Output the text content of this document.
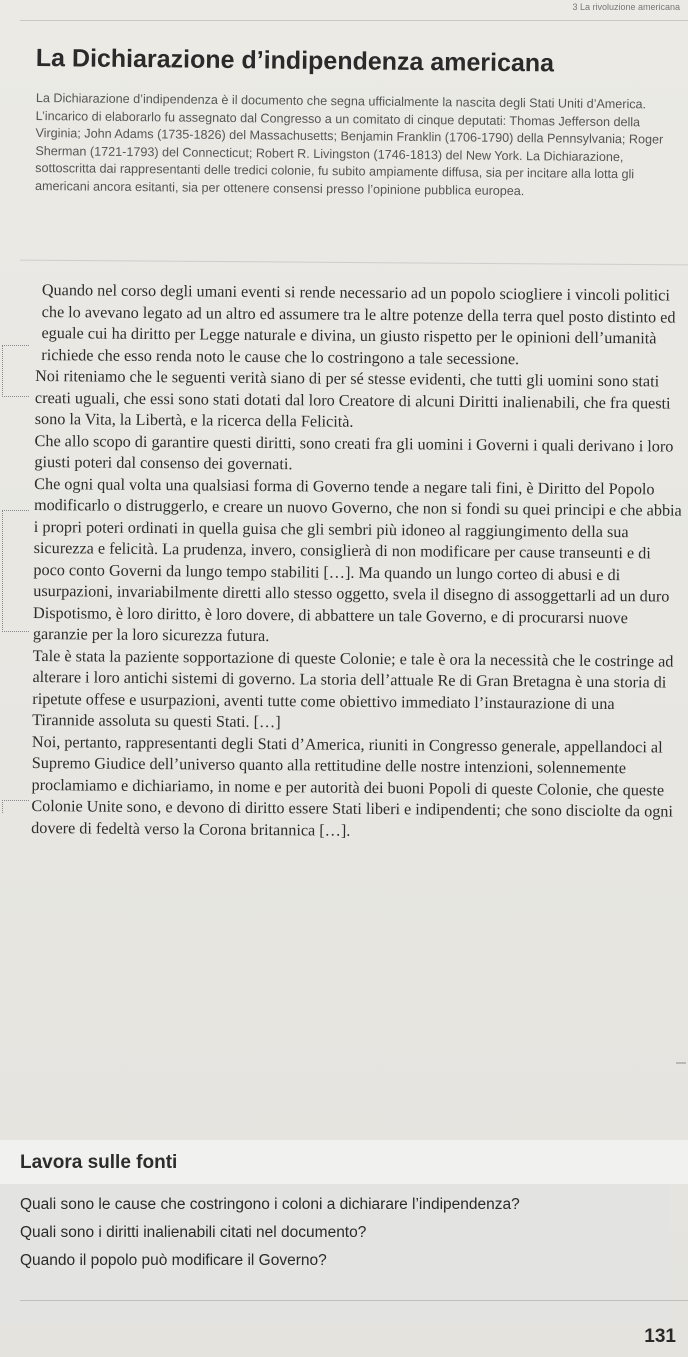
3 La rivoluzione americana
La Dichiarazione d’indipendenza americana

La Dichiarazione d’indipendenza è il documento che segna ufficialmente la nascita degli Stati Uniti d’America. L’incarico di elaborarlo fu assegnato dal Congresso a un comitato di cinque deputati: Thomas Jefferson della Virginia; John Adams (1735-1826) del Massachusetts; Benjamin Franklin (1706-1790) della Pennsylvania; Roger Sherman (1721-1793) del Connecticut; Robert R. Livingston (1746-1813) del New York. La Dichiarazione, sottoscritta dai rappresentanti delle tredici colonie, fu subito ampiamente diffusa, sia per incitare alla lotta gli americani ancora esitanti, sia per ottenere consensi presso l’opinione pubblica europea.

Quando nel corso degli umani eventi si rende necessario ad un popolo sciogliere i vincoli politici che lo avevano legato ad un altro ed assumere tra le altre potenze della terra quel posto distinto ed eguale cui ha diritto per Legge naturale e divina, un giusto rispetto per le opinioni dell’umanità richiede che esso renda noto le cause che lo costringono a tale secessione.

Noi riteniamo che le seguenti verità siano di per sé stesse evidenti, che tutti gli uomini sono stati creati uguali, che essi sono stati dotati dal loro Creatore di alcuni Diritti inalienabili, che fra questi sono la Vita, la Libertà, e la ricerca della Felicità.

Che allo scopo di garantire questi diritti, sono creati fra gli uomini i Governi i quali derivano i loro giusti poteri dal consenso dei governati.

Che ogni qual volta una qualsiasi forma di Governo tende a negare tali fini, è Diritto del Popolo modificarlo o distruggerlo, e creare un nuovo Governo, che non si fondi su quei principi e che abbia i propri poteri ordinati in quella guisa che gli sembri più idoneo al raggiungimento della sua sicurezza e felicità. La prudenza, invero, consiglierà di non modificare per cause transeunti e di poco conto Governi da lungo tempo stabiliti […]. Ma quando un lungo corteo di abusi e di usurpazioni, invariabilmente diretti allo stesso oggetto, svela il disegno di assoggettarli ad un duro Dispotismo, è loro diritto, è loro dovere, di abbattere un tale Governo, e di procurarsi nuove garanzie per la loro sicurezza futura.

Tale è stata la paziente sopportazione di queste Colonie; e tale è ora la necessità che le costringe ad alterare i loro antichi sistemi di governo. La storia dell’attuale Re di Gran Bretagna è una storia di ripetute offese e usurpazioni, aventi tutte come obiettivo immediato l’instaurazione di una Tirannide assoluta su questi Stati. […]

Noi, pertanto, rappresentanti degli Stati d’America, riuniti in Congresso generale, appellandoci al Supremo Giudice dell’universo quanto alla rettitudine delle nostre intenzioni, solennemente proclamiamo e dichiariamo, in nome e per autorità dei buoni Popoli di queste Colonie, che queste Colonie Unite sono, e devono di diritto essere Stati liberi e indipendenti; che sono disciolte da ogni dovere di fedeltà verso la Corona britannica […].

Lavora sulle fonti
Quali sono le cause che costringono i coloni a dichiarare l’indipendenza?
Quali sono i diritti inalienabili citati nel documento?
Quando il popolo può modificare il Governo?
131
